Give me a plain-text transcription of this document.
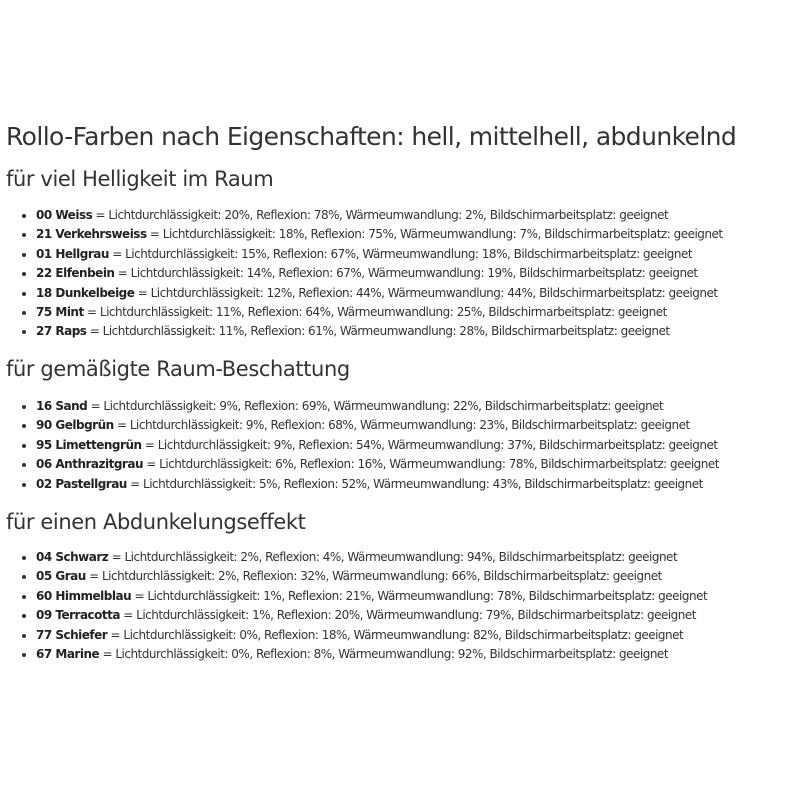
Rollo-Farben nach Eigenschaften: hell, mittelhell, abdunkelnd
für viel Helligkeit im Raum
• 00 Weiss = Lichtdurchlässigkeit: 20%, Reflexion: 78%, Wärmeumwandlung: 2%, Bildschirmarbeitsplatz: geeignet
• 21 Verkehrsweiss = Lichtdurchlässigkeit: 18%, Reflexion: 75%, Wärmeumwandlung: 7%, Bildschirmarbeitsplatz: geeignet
• 01 Hellgrau = Lichtdurchlässigkeit: 15%, Reflexion: 67%, Wärmeumwandlung: 18%, Bildschirmarbeitsplatz: geeignet
• 22 Elfenbein = Lichtdurchlässigkeit: 14%, Reflexion: 67%, Wärmeumwandlung: 19%, Bildschirmarbeitsplatz: geeignet
• 18 Dunkelbeige = Lichtdurchlässigkeit: 12%, Reflexion: 44%, Wärmeumwandlung: 44%, Bildschirmarbeitsplatz: geeignet
• 75 Mint = Lichtdurchlässigkeit: 11%, Reflexion: 64%, Wärmeumwandlung: 25%, Bildschirmarbeitsplatz: geeignet
• 27 Raps = Lichtdurchlässigkeit: 11%, Reflexion: 61%, Wärmeumwandlung: 28%, Bildschirmarbeitsplatz: geeignet
für gemäßigte Raum-Beschattung
• 16 Sand = Lichtdurchlässigkeit: 9%, Reflexion: 69%, Wärmeumwandlung: 22%, Bildschirmarbeitsplatz: geeignet
• 90 Gelbgrün = Lichtdurchlässigkeit: 9%, Reflexion: 68%, Wärmeumwandlung: 23%, Bildschirmarbeitsplatz: geeignet
• 95 Limettengrün = Lichtdurchlässigkeit: 9%, Reflexion: 54%, Wärmeumwandlung: 37%, Bildschirmarbeitsplatz: geeignet
• 06 Anthrazitgrau = Lichtdurchlässigkeit: 6%, Reflexion: 16%, Wärmeumwandlung: 78%, Bildschirmarbeitsplatz: geeignet
• 02 Pastellgrau = Lichtdurchlässigkeit: 5%, Reflexion: 52%, Wärmeumwandlung: 43%, Bildschirmarbeitsplatz: geeignet
für einen Abdunkelungseffekt
• 04 Schwarz = Lichtdurchlässigkeit: 2%, Reflexion: 4%, Wärmeumwandlung: 94%, Bildschirmarbeitsplatz: geeignet
• 05 Grau = Lichtdurchlässigkeit: 2%, Reflexion: 32%, Wärmeumwandlung: 66%, Bildschirmarbeitsplatz: geeignet
• 60 Himmelblau = Lichtdurchlässigkeit: 1%, Reflexion: 21%, Wärmeumwandlung: 78%, Bildschirmarbeitsplatz: geeignet
• 09 Terracotta = Lichtdurchlässigkeit: 1%, Reflexion: 20%, Wärmeumwandlung: 79%, Bildschirmarbeitsplatz: geeignet
• 77 Schiefer = Lichtdurchlässigkeit: 0%, Reflexion: 18%, Wärmeumwandlung: 82%, Bildschirmarbeitsplatz: geeignet
• 67 Marine = Lichtdurchlässigkeit: 0%, Reflexion: 8%, Wärmeumwandlung: 92%, Bildschirmarbeitsplatz: geeignet
